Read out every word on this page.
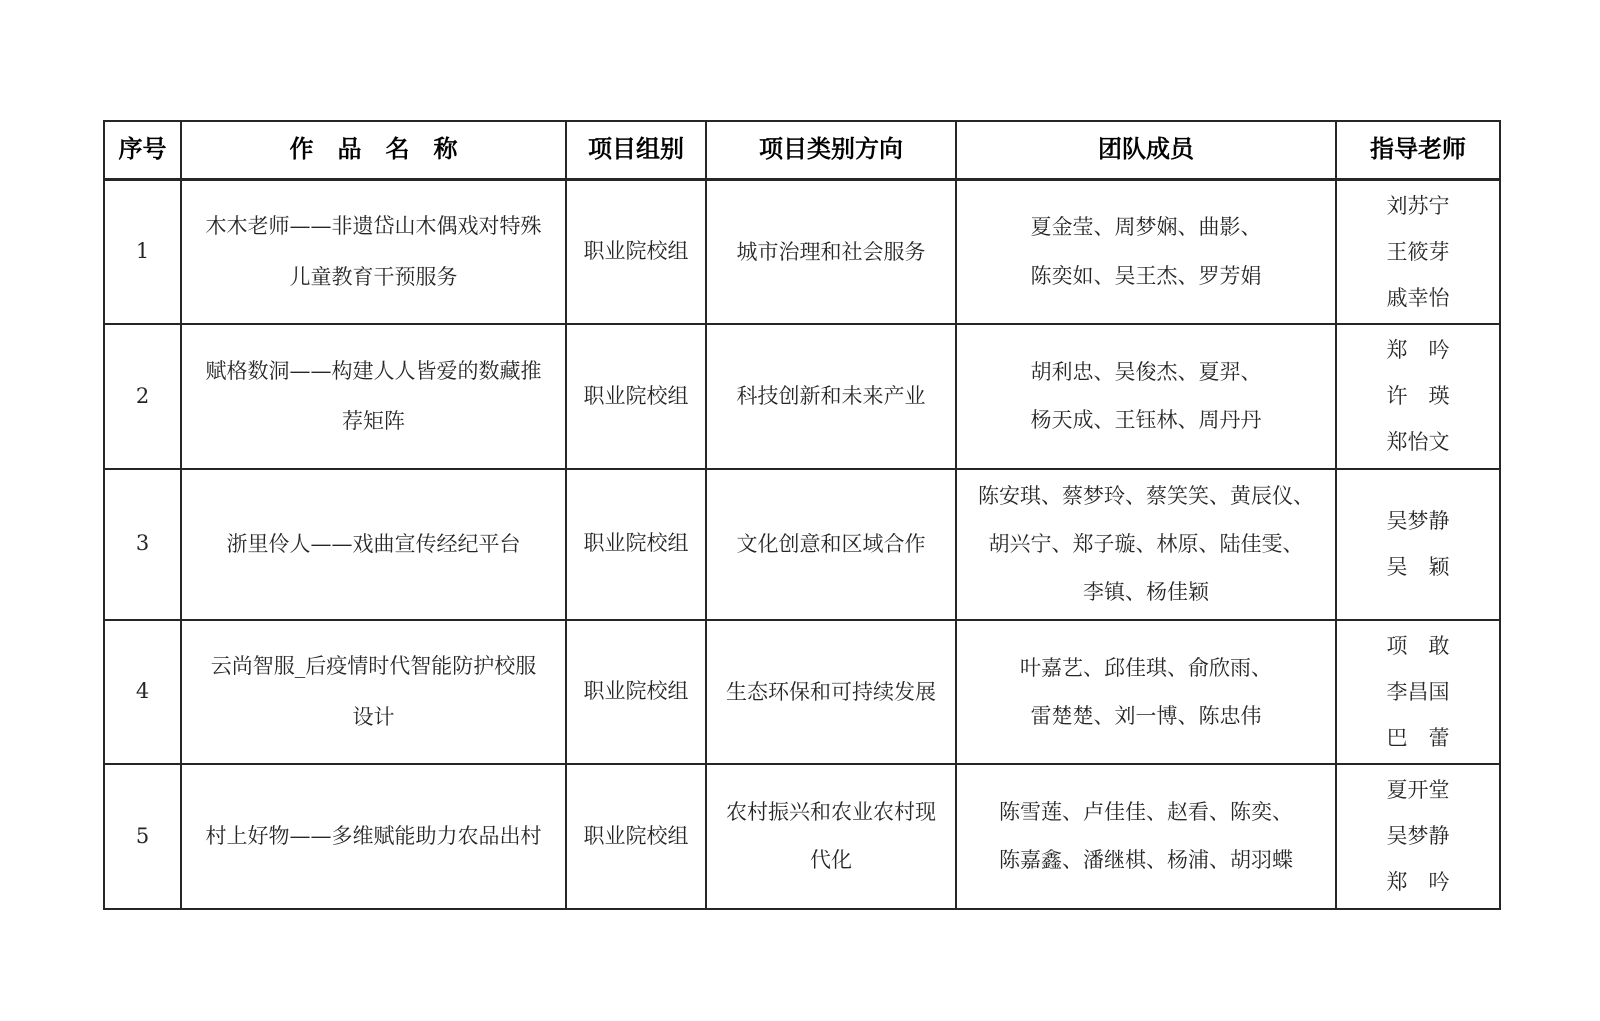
序号	作　品　名　称	项目组别	项目类别方向	团队成员	指导老师
1	木木老师——非遗岱山木偶戏对特殊
儿童教育干预服务	职业院校组	城市治理和社会服务	夏金莹、周梦娴、曲影、
陈奕如、吴王杰、罗芳娟	刘苏宁
王筱芽
戚幸怡
2	赋格数洞——构建人人皆爱的数藏推
荐矩阵	职业院校组	科技创新和未来产业	胡利忠、吴俊杰、夏羿、
杨天成、王钰林、周丹丹	郑　吟
许　瑛
郑怡文
3	浙里伶人——戏曲宣传经纪平台	职业院校组	文化创意和区域合作	陈安琪、蔡梦玲、蔡笑笑、黄辰仪、
胡兴宁、郑子璇、林原、陆佳雯、
李镇、杨佳颖	吴梦静
吴　颖
4	云尚智服_后疫情时代智能防护校服
设计	职业院校组	生态环保和可持续发展	叶嘉艺、邱佳琪、俞欣雨、
雷楚楚、刘一博、陈忠伟	项　敢
李昌国
巴　蕾
5	村上好物——多维赋能助力农品出村	职业院校组	农村振兴和农业农村现
代化	陈雪莲、卢佳佳、赵看、陈奕、
陈嘉鑫、潘继棋、杨浦、胡羽蝶	夏开堂
吴梦静
郑　吟
